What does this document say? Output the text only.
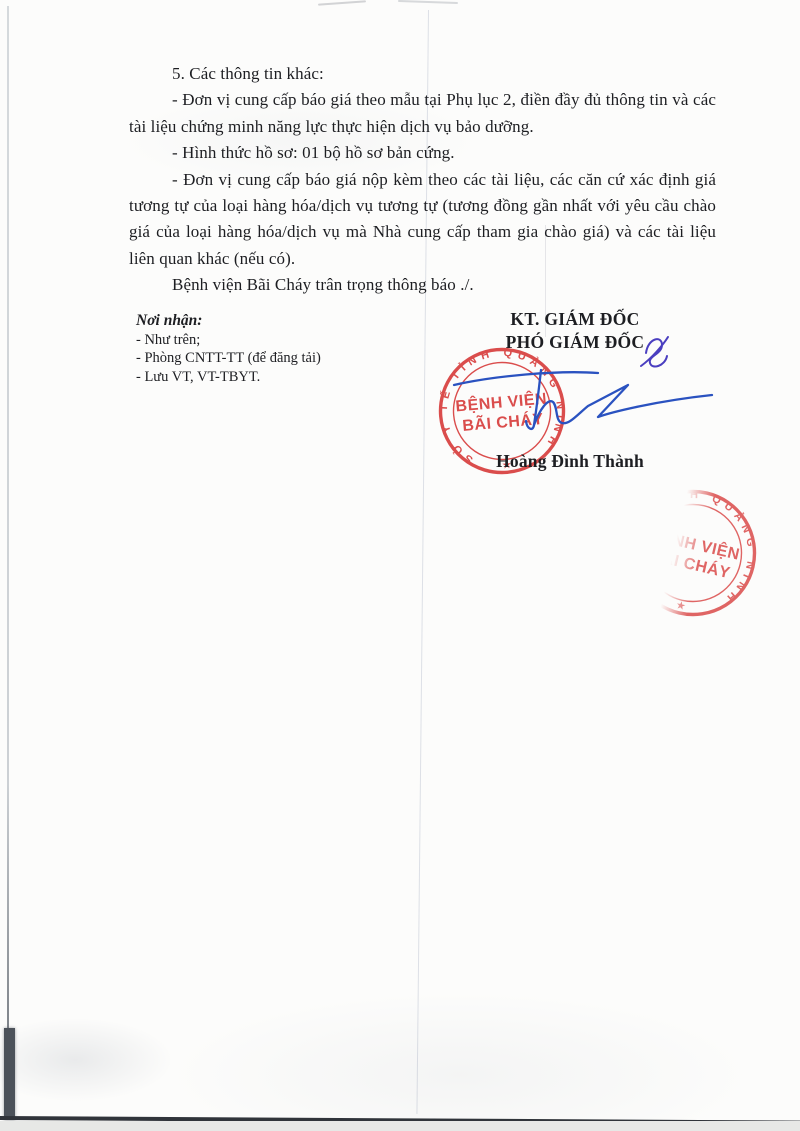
5. Các thông tin khác:

- Đơn vị cung cấp báo giá theo mẫu tại Phụ lục 2, điền đầy đủ thông tin và các tài liệu chứng minh năng lực thực hiện dịch vụ bảo dưỡng.

- Hình thức hồ sơ: 01 bộ hồ sơ bản cứng.

- Đơn vị cung cấp báo giá nộp kèm theo các tài liệu, các căn cứ xác định giá tương tự của loại hàng hóa/dịch vụ tương tự (tương đồng gần nhất với yêu cầu chào giá của loại hàng hóa/dịch vụ mà Nhà cung cấp tham gia chào giá) và các tài liệu liên quan khác (nếu có).

Bệnh viện Bãi Cháy trân trọng thông báo ./.

Nơi nhận:
- Như trên;
- Phòng CNTT-TT (để đăng tải)
- Lưu VT, VT-TBYT.
KT. GIÁM ĐỐC
PHÓ GIÁM ĐỐC
Hoàng Đình Thành
